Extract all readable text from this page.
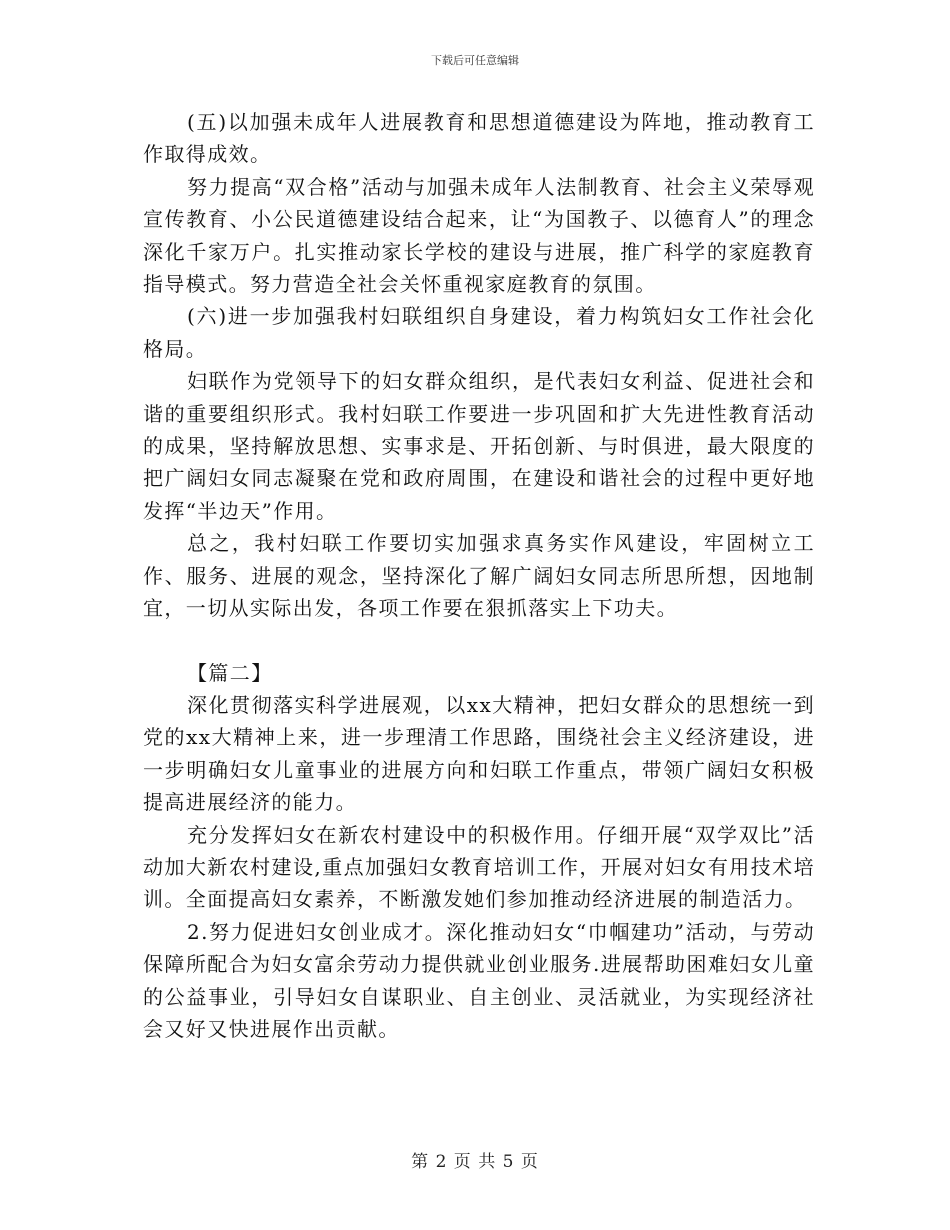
下载后可任意编辑

(五)以加强未成年人进展教育和思想道德建设为阵地，推动教育工作取得成效。

努力提高“双合格”活动与加强未成年人法制教育、社会主义荣辱观宣传教育、小公民道德建设结合起来，让“为国教子、以德育人”的理念深化千家万户。扎实推动家长学校的建设与进展，推广科学的家庭教育指导模式。努力营造全社会关怀重视家庭教育的氛围。

(六)进一步加强我村妇联组织自身建设，着力构筑妇女工作社会化格局。

妇联作为党领导下的妇女群众组织，是代表妇女利益、促进社会和谐的重要组织形式。我村妇联工作要进一步巩固和扩大先进性教育活动的成果，坚持解放思想、实事求是、开拓创新、与时俱进，最大限度的把广阔妇女同志凝聚在党和政府周围，在建设和谐社会的过程中更好地发挥“半边天”作用。

总之，我村妇联工作要切实加强求真务实作风建设，牢固树立工作、服务、进展的观念，坚持深化了解广阔妇女同志所思所想，因地制宜，一切从实际出发，各项工作要在狠抓落实上下功夫。

【篇二】

深化贯彻落实科学进展观，以xx大精神，把妇女群众的思想统一到党的xx大精神上来，进一步理清工作思路，围绕社会主义经济建设，进一步明确妇女儿童事业的进展方向和妇联工作重点，带领广阔妇女积极提高进展经济的能力。

充分发挥妇女在新农村建设中的积极作用。仔细开展“双学双比”活动加大新农村建设,重点加强妇女教育培训工作，开展对妇女有用技术培训。全面提高妇女素养，不断激发她们参加推动经济进展的制造活力。

2.努力促进妇女创业成才。深化推动妇女“巾帼建功”活动，与劳动保障所配合为妇女富余劳动力提供就业创业服务.进展帮助困难妇女儿童的公益事业，引导妇女自谋职业、自主创业、灵活就业，为实现经济社会又好又快进展作出贡献。

第 2 页 共 5 页
